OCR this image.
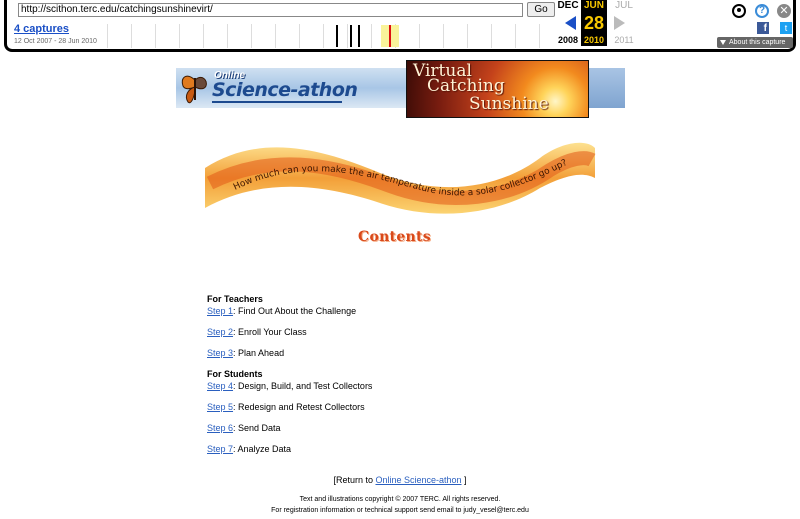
http://scithon.terc.edu/catchingsunshinevirt/	Go
4 captures
12 Oct 2007 - 28 Jun 2010
DEC JUN	JUL
28
2008 2010	2011
?	✕
f	t
About this capture
Online
Science-athon
Virtual
Catching
Sunshine
How much can you make the air temperature inside a solar collector go up?
Contents
For Teachers
Step 1: Find Out About the Challenge
Step 2: Enroll Your Class
Step 3: Plan Ahead
For Students
Step 4: Design, Build, and Test Collectors
Step 5: Redesign and Retest Collectors
Step 6: Send Data
Step 7: Analyze Data
[Return to Online Science-athon ]
Text and illustrations copyright © 2007 TERC. All rights reserved.
For registration information or technical support send email to judy_vesel@terc.edu
